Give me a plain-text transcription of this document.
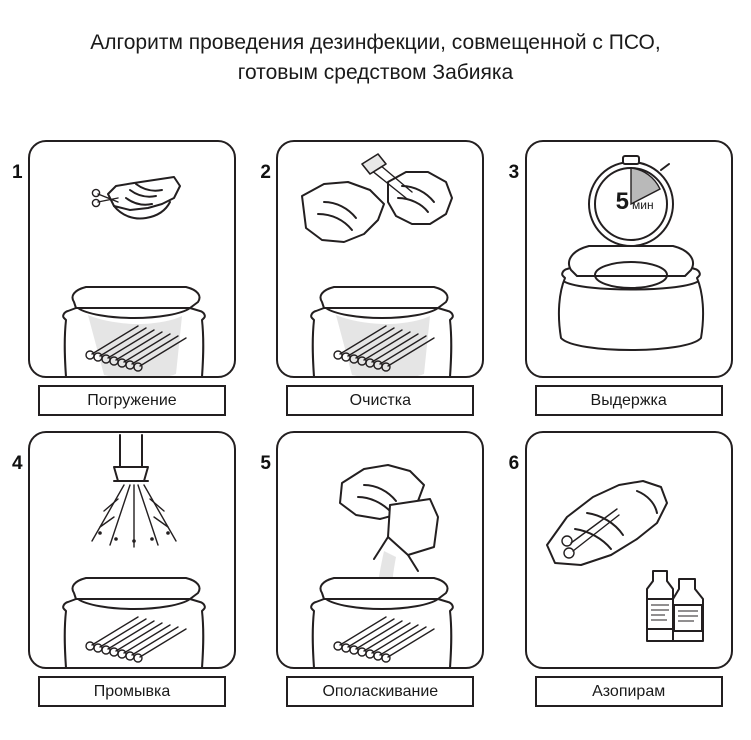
Алгоритм проведения дезинфекции, совмещенной с ПСО, готовым средством Забияка
1
Погружение
2
Очистка
3
5 мин
Выдержка
4
Промывка
5
Ополаскивание
6
Азопирам
